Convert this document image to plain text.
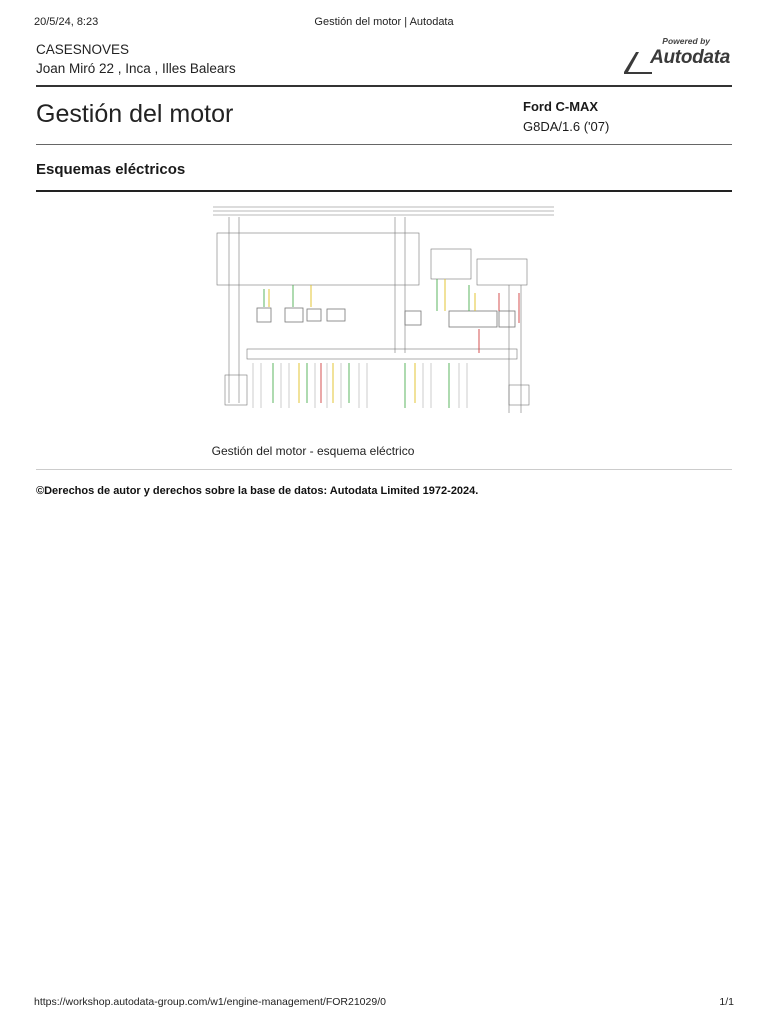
20/5/24, 8:23	Gestión del motor | Autodata
CASESNOVES
Joan Miró 22 , Inca , Illes Balears
Powered by
Autodata
Gestión del motor	Ford C-MAX
G8DA/1.6 ('07)
Esquemas eléctricos
Gestión del motor - esquema eléctrico
©Derechos de autor y derechos sobre la base de datos: Autodata Limited 1972-2024.
https://workshop.autodata-group.com/w1/engine-management/FOR21029/0	1/1
